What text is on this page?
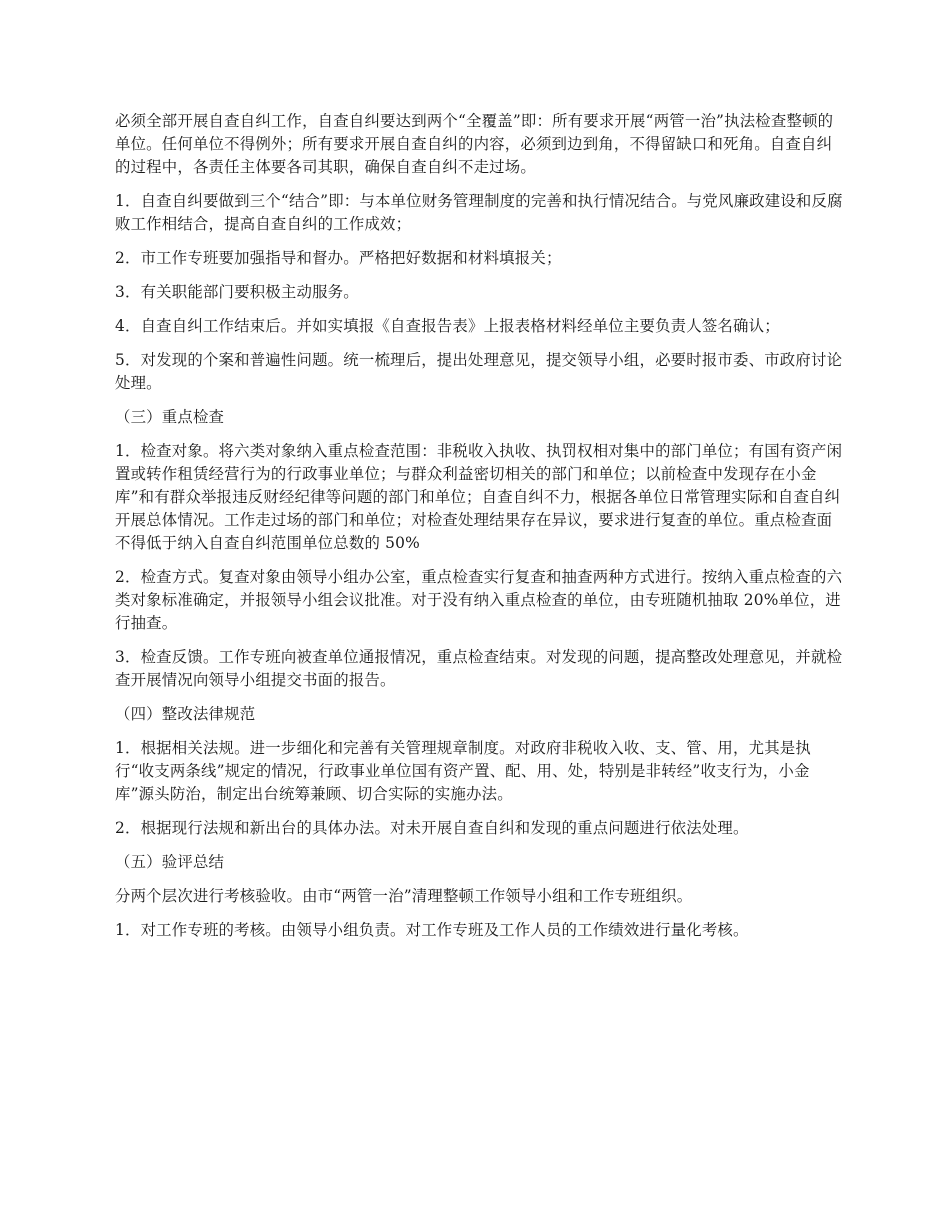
必须全部开展自查自纠工作，自查自纠要达到两个“全覆盖”即：所有要求开展“两管一治”执法检查整顿的单位。任何单位不得例外；所有要求开展自查自纠的内容，必须到边到角，不得留缺口和死角。自查自纠的过程中，各责任主体要各司其职，确保自查自纠不走过场。

1．自查自纠要做到三个“结合”即：与本单位财务管理制度的完善和执行情况结合。与党风廉政建设和反腐败工作相结合，提高自查自纠的工作成效；

2．市工作专班要加强指导和督办。严格把好数据和材料填报关；

3．有关职能部门要积极主动服务。

4．自查自纠工作结束后。并如实填报《自查报告表》上报表格材料经单位主要负责人签名确认；

5．对发现的个案和普遍性问题。统一梳理后，提出处理意见，提交领导小组，必要时报市委、市政府讨论处理。

（三）重点检查

1．检查对象。将六类对象纳入重点检查范围：非税收入执收、执罚权相对集中的部门单位；有国有资产闲置或转作租赁经营行为的行政事业单位；与群众利益密切相关的部门和单位；以前检查中发现存在小金库”和有群众举报违反财经纪律等问题的部门和单位；自查自纠不力，根据各单位日常管理实际和自查自纠开展总体情况。工作走过场的部门和单位；对检查处理结果存在异议，要求进行复查的单位。重点检查面不得低于纳入自查自纠范围单位总数的 50%

2．检查方式。复查对象由领导小组办公室，重点检查实行复查和抽查两种方式进行。按纳入重点检查的六类对象标准确定，并报领导小组会议批准。对于没有纳入重点检查的单位，由专班随机抽取 20%单位，进行抽查。

3．检查反馈。工作专班向被查单位通报情况，重点检查结束。对发现的问题，提高整改处理意见，并就检查开展情况向领导小组提交书面的报告。

（四）整改法律规范

1．根据相关法规。进一步细化和完善有关管理规章制度。对政府非税收入收、支、管、用，尤其是执行“收支两条线”规定的情况，行政事业单位国有资产置、配、用、处，特别是非转经”收支行为，小金库”源头防治，制定出台统筹兼顾、切合实际的实施办法。

2．根据现行法规和新出台的具体办法。对未开展自查自纠和发现的重点问题进行依法处理。

（五）验评总结

分两个层次进行考核验收。由市“两管一治”清理整顿工作领导小组和工作专班组织。

1．对工作专班的考核。由领导小组负责。对工作专班及工作人员的工作绩效进行量化考核。
